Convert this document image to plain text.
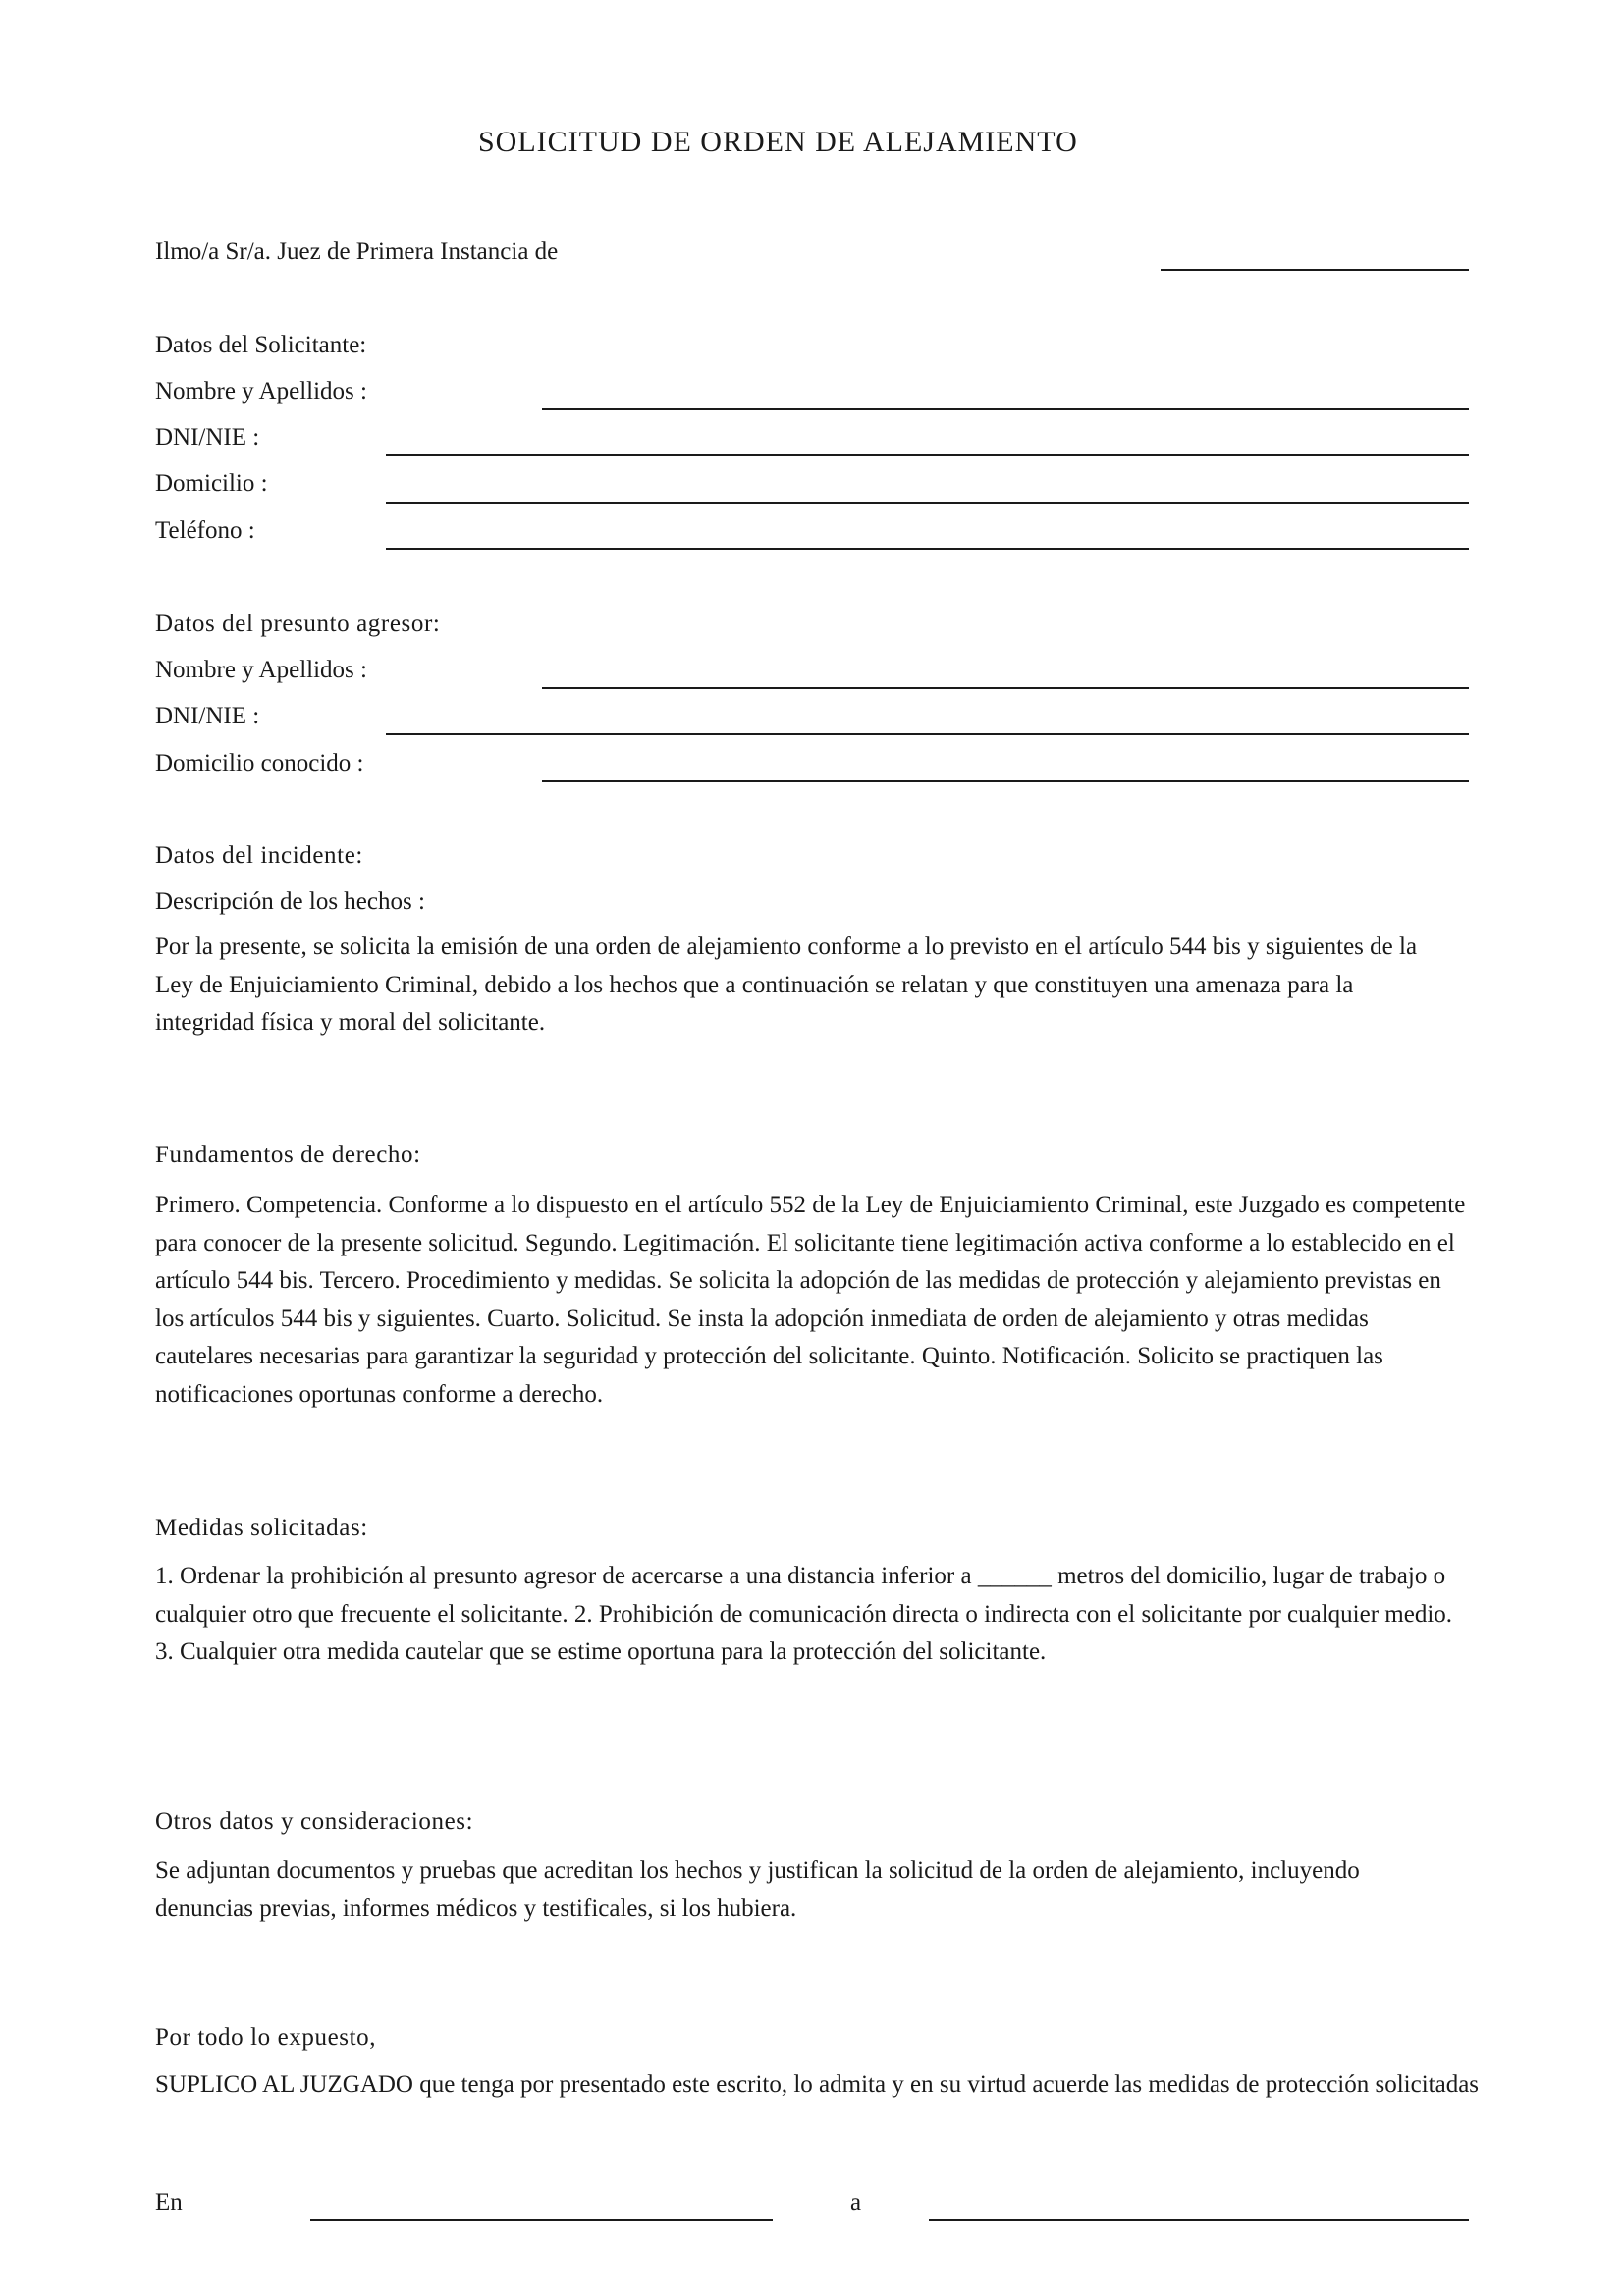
SOLICITUD DE ORDEN DE ALEJAMIENTO
Ilmo/a Sr/a. Juez de Primera Instancia de
Datos del Solicitante:
Nombre y Apellidos :
DNI/NIE :
Domicilio :
Teléfono :
Datos del presunto agresor:
Nombre y Apellidos :
DNI/NIE :
Domicilio conocido :
Datos del incidente:
Descripción de los hechos :
Por la presente, se solicita la emisión de una orden de alejamiento conforme a lo previsto en el artículo 544 bis y siguientes de la Ley de Enjuiciamiento Criminal, debido a los hechos que a continuación se relatan y que constituyen una amenaza para la integridad física y moral del solicitante.
Fundamentos de derecho:
Primero. Competencia. Conforme a lo dispuesto en el artículo 552 de la Ley de Enjuiciamiento Criminal, este Juzgado es competente para conocer de la presente solicitud. Segundo. Legitimación. El solicitante tiene legitimación activa conforme a lo establecido en el artículo 544 bis. Tercero. Procedimiento y medidas. Se solicita la adopción de las medidas de protección y alejamiento previstas en los artículos 544 bis y siguientes. Cuarto. Solicitud. Se insta la adopción inmediata de orden de alejamiento y otras medidas cautelares necesarias para garantizar la seguridad y protección del solicitante. Quinto. Notificación. Solicito se practiquen las notificaciones oportunas conforme a derecho.
Medidas solicitadas:
1. Ordenar la prohibición al presunto agresor de acercarse a una distancia inferior a ______ metros del domicilio, lugar de trabajo o cualquier otro que frecuente el solicitante. 2. Prohibición de comunicación directa o indirecta con el solicitante por cualquier medio. 3. Cualquier otra medida cautelar que se estime oportuna para la protección del solicitante.
Otros datos y consideraciones:
Se adjuntan documentos y pruebas que acreditan los hechos y justifican la solicitud de la orden de alejamiento, incluyendo denuncias previas, informes médicos y testificales, si los hubiera.
Por todo lo expuesto,
SUPLICO AL JUZGADO que tenga por presentado este escrito, lo admita y en su virtud acuerde las medidas de protección solicitadas
En	a
